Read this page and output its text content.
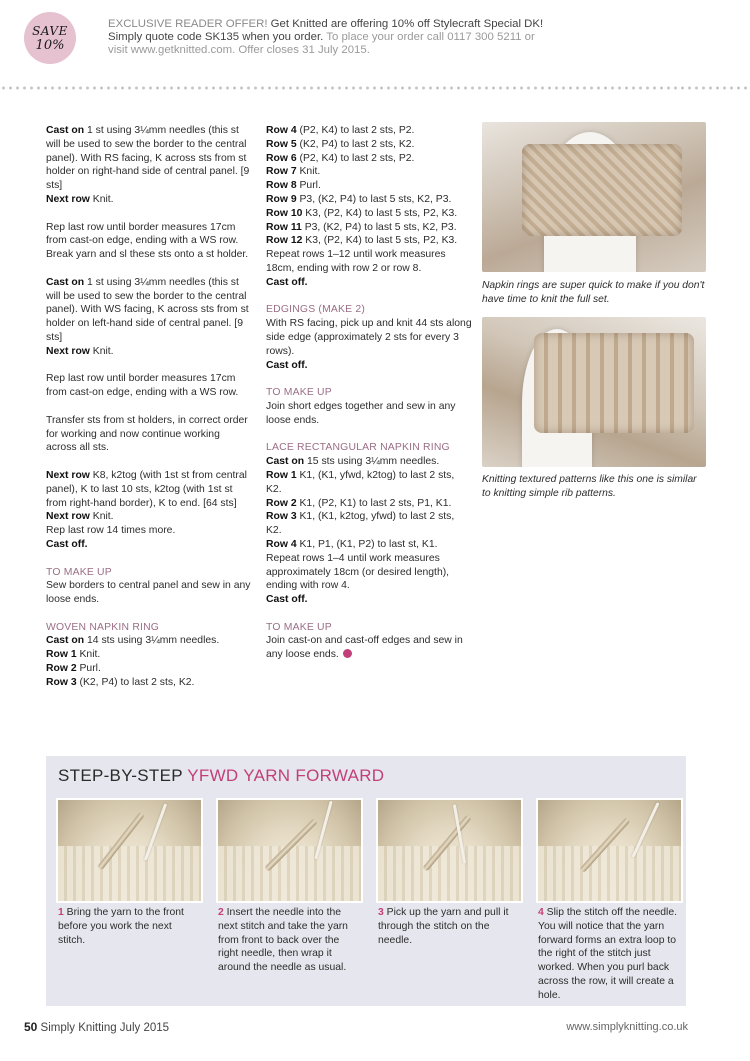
SAVE
10%
EXCLUSIVE READER OFFER! Get Knitted are offering 10% off Stylecraft Special DK!
Simply quote code SK135 when you order. To place your order call 0117 300 5211 or
visit www.getknitted.com. Offer closes 31 July 2015.

Cast on 1 st using 3¼mm needles (this st will be used to sew the border to the central panel). With RS facing, K across sts from st holder on right-hand side of central panel. [9 sts]

Next row Knit.

Rep last row until border measures 17cm from cast-on edge, ending with a WS row. Break yarn and sl these sts onto a st holder.

Cast on 1 st using 3¼mm needles (this st will be used to sew the border to the central panel). With WS facing, K across sts from st holder on left-hand side of central panel. [9 sts]

Next row Knit.

Rep last row until border measures 17cm from cast-on edge, ending with a WS row.

Transfer sts from st holders, in correct order for working and now continue working across all sts.

Next row K8, k2tog (with 1st st from central panel), K to last 10 sts, k2tog (with 1st st from right-hand border), K to end. [64 sts]

Next row Knit.

Rep last row 14 times more.

Cast off.

TO MAKE UP

Sew borders to central panel and sew in any loose ends.

WOVEN NAPKIN RING

Cast on 14 sts using 3¼mm needles.

Row 1 Knit.

Row 2 Purl.

Row 3 (K2, P4) to last 2 sts, K2.

Row 4 (P2, K4) to last 2 sts, P2.

Row 5 (K2, P4) to last 2 sts, K2.

Row 6 (P2, K4) to last 2 sts, P2.

Row 7 Knit.

Row 8 Purl.

Row 9 P3, (K2, P4) to last 5 sts, K2, P3.

Row 10 K3, (P2, K4) to last 5 sts, P2, K3.

Row 11 P3, (K2, P4) to last 5 sts, K2, P3.

Row 12 K3, (P2, K4) to last 5 sts, P2, K3.

Repeat rows 1–12 until work measures 18cm, ending with row 2 or row 8.

Cast off.

EDGINGS (MAKE 2)

With RS facing, pick up and knit 44 sts along side edge (approximately 2 sts for every 3 rows).

Cast off.

TO MAKE UP

Join short edges together and sew in any loose ends.

LACE RECTANGULAR NAPKIN RING

Cast on 15 sts using 3¼mm needles.

Row 1 K1, (K1, yfwd, k2tog) to last 2 sts, K2.

Row 2 K1, (P2, K1) to last 2 sts, P1, K1.

Row 3 K1, (K1, k2tog, yfwd) to last 2 sts, K2.

Row 4 K1, P1, (K1, P2) to last st, K1.

Repeat rows 1–4 until work measures approximately 18cm (or desired length), ending with row 4.

Cast off.

TO MAKE UP

Join cast-on and cast-off edges and sew in any loose ends.

Napkin rings are super quick to make if you don't have time to knit the full set.
Knitting textured patterns like this one is similar to knitting simple rib patterns.
STEP-BY-STEP YFWD YARN FORWARD
1 Bring the yarn to the front before you work the next stitch.
2 Insert the needle into the next stitch and take the yarn from front to back over the right needle, then wrap it around the needle as usual.
3 Pick up the yarn and pull it through the stitch on the needle.
4 Slip the stitch off the needle. You will notice that the yarn forward forms an extra loop to the right of the stitch just worked. When you purl back across the row, it will create a hole.
50 Simply Knitting July 2015	www.simplyknitting.co.uk
